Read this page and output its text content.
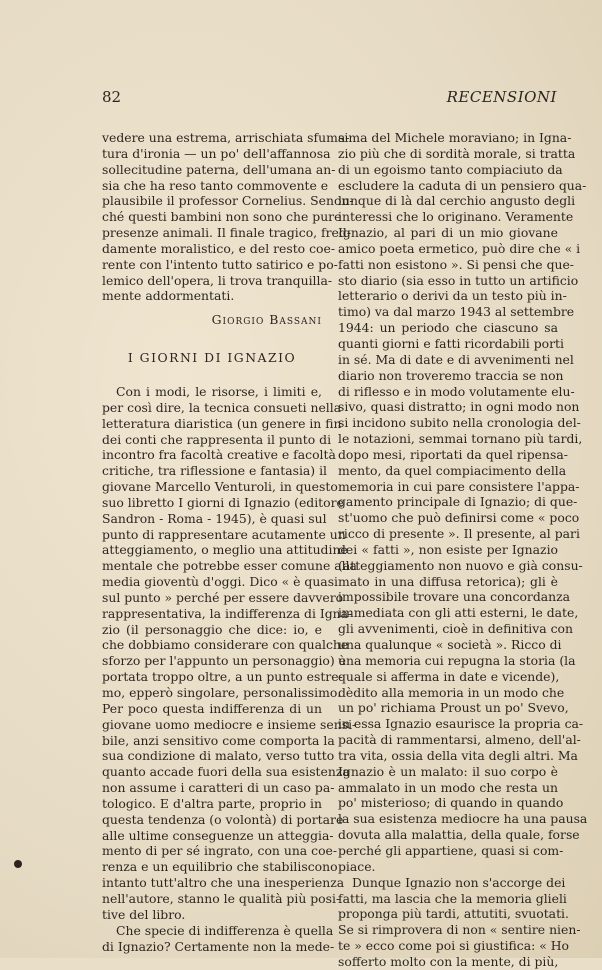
82	RECENSIONI
vedere una estrema, arrischiata sfuma-
tura d'ironia — un po' dell'affannosa
sollecitudine paterna, dell'umana an-
sia che ha reso tanto commovente e
plausibile il professor Cornelius. Senon-
ché questi bambini non sono che pure
presenze animali. Il finale tragico, fred-
damente moralistico, e del resto coe-
rente con l'intento tutto satirico e po-
lemico dell'opera, li trova tranquilla-
mente addormentati.
Giorgio Bassani
I GIORNI DI IGNAZIO
Con i modi, le risorse, i limiti e,
per così dire, la tecnica consueti nella
letteratura diaristica (un genere in fin
dei conti che rappresenta il punto di
incontro fra facoltà creative e facoltà
critiche, tra riflessione e fantasia) il
giovane Marcello Venturoli, in questo
suo libretto I giorni di Ignazio (editore
Sandron - Roma - 1945), è quasi sul
punto di rappresentare acutamente un
atteggiamento, o meglio una attitudine
mentale che potrebbe esser comune alla
media gioventù d'oggi. Dico « è quasi
sul punto » perché per essere davvero
rappresentativa, la indifferenza di Igna-
zio (il personaggio che dice: io, e
che dobbiamo considerare con qualche
sforzo per l'appunto un personaggio) è
portata troppo oltre, a un punto estre-
mo, epperò singolare, personalissimo.
Per poco questa indifferenza di un
giovane uomo mediocre e insieme sensi-
bile, anzi sensitivo come comporta la
sua condizione di malato, verso tutto
quanto accade fuori della sua esistenza
non assume i caratteri di un caso pa-
tologico. E d'altra parte, proprio in
questa tendenza (o volontà) di portare
alle ultime conseguenze un atteggia-
mento di per sé ingrato, con una coe-
renza e un equilibrio che stabiliscono
intanto tutt'altro che una inesperienza
nell'autore, stanno le qualità più posi-
tive del libro.
Che specie di indifferenza è quella
di Ignazio? Certamente non la mede-
sima del Michele moraviano; in Igna-
zio più che di sordità morale, si tratta
di un egoismo tanto compiaciuto da
escludere la caduta di un pensiero qua-
lunque di là dal cerchio angusto degli
interessi che lo originano. Veramente
Ignazio, al pari di un mio giovane
amico poeta ermetico, può dire che « i
fatti non esistono ». Si pensi che que-
sto diario (sia esso in tutto un artificio
letterario o derivi da un testo più in-
timo) va dal marzo 1943 al settembre
1944: un periodo che ciascuno sa
quanti giorni e fatti ricordabili porti
in sé. Ma di date e di avvenimenti nel
diario non troveremo traccia se non
di riflesso e in modo volutamente elu-
sivo, quasi distratto; in ogni modo non
si incidono subito nella cronologia del-
le notazioni, semmai tornano più tardi,
dopo mesi, riportati da quel ripensa-
mento, da quel compiacimento della
memoria in cui pare consistere l'appa-
gamento principale di Ignazio; di que-
st'uomo che può definirsi come « poco
ricco di presente ». Il presente, al pari
dei « fatti », non esiste per Ignazio
(atteggiamento non nuovo e già consu-
mato in una diffusa retorica); gli è
impossibile trovare una concordanza
immediata con gli atti esterni, le date,
gli avvenimenti, cioè in definitiva con
una qualunque « società ». Ricco di
una memoria cui repugna la storia (la
quale si afferma in date e vicende),
dèdito alla memoria in un modo che
un po' richiama Proust un po' Svevo,
in essa Ignazio esaurisce la propria ca-
pacità di rammentarsi, almeno, dell'al-
tra vita, ossia della vita degli altri. Ma
Ignazio è un malato: il suo corpo è
ammalato in un modo che resta un
po' misterioso; di quando in quando
la sua esistenza mediocre ha una pausa
dovuta alla malattia, della quale, forse
perché gli appartiene, quasi si com-
piace.
Dunque Ignazio non s'accorge dei
fatti, ma lascia che la memoria glieli
proponga più tardi, attutiti, svuotati.
Se si rimprovera di non « sentire nien-
te » ecco come poi si giustifica: « Ho
sofferto molto con la mente, di più,
